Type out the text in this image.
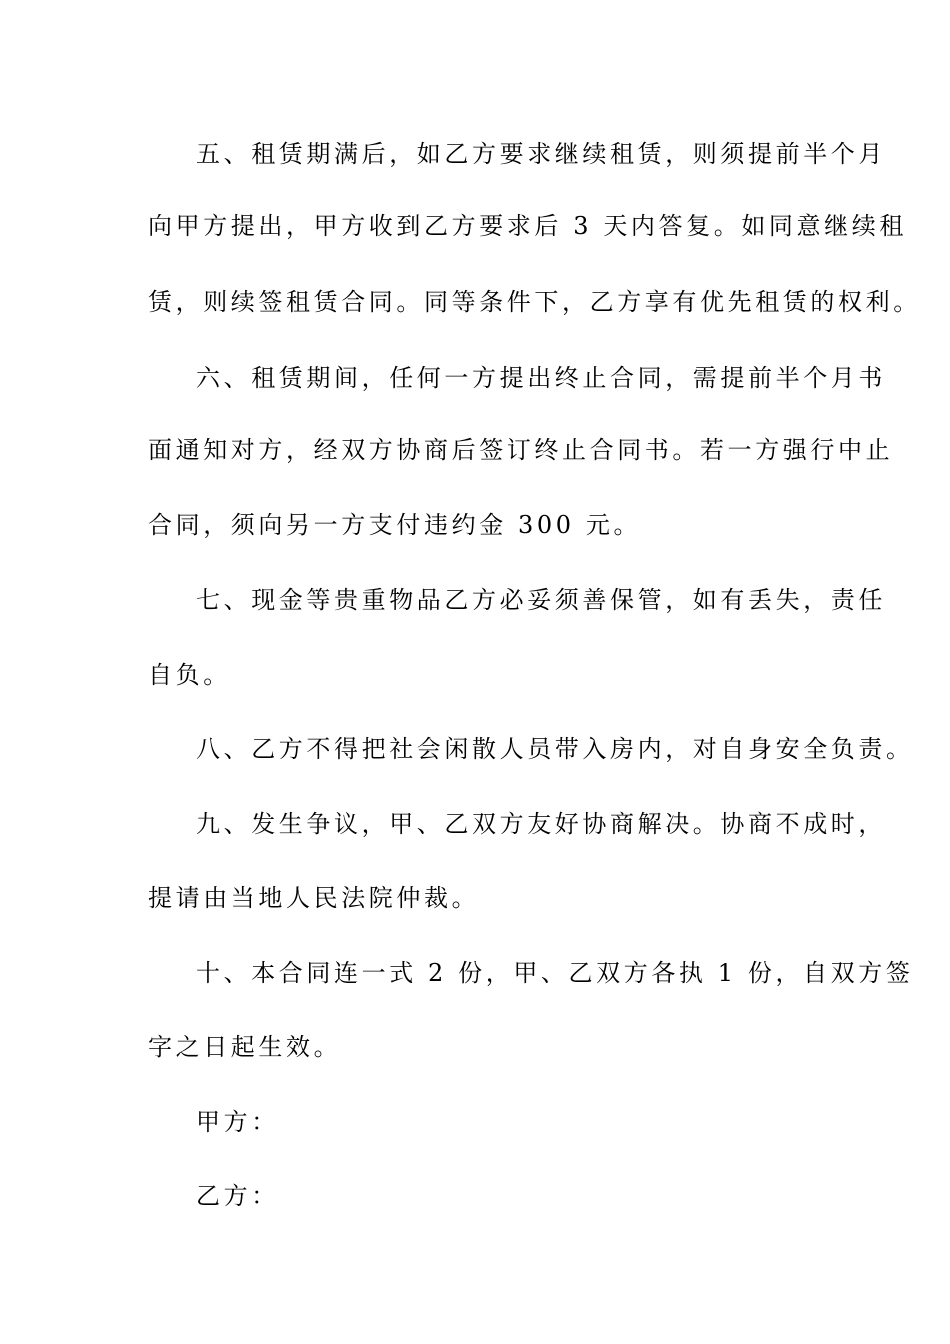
五、租赁期满后，如乙方要求继续租赁，则须提前半个月
向甲方提出，甲方收到乙方要求后 3 天内答复。如同意继续租
赁，则续签租赁合同。同等条件下，乙方享有优先租赁的权利。
六、租赁期间，任何一方提出终止合同，需提前半个月书
面通知对方，经双方协商后签订终止合同书。若一方强行中止
合同，须向另一方支付违约金 300 元。
七、现金等贵重物品乙方必妥须善保管，如有丢失，责任
自负。
八、乙方不得把社会闲散人员带入房内，对自身安全负责。
九、发生争议，甲、乙双方友好协商解决。协商不成时，
提请由当地人民法院仲裁。
十、本合同连一式 2 份，甲、乙双方各执 1 份，自双方签
字之日起生效。
甲方：
乙方：
